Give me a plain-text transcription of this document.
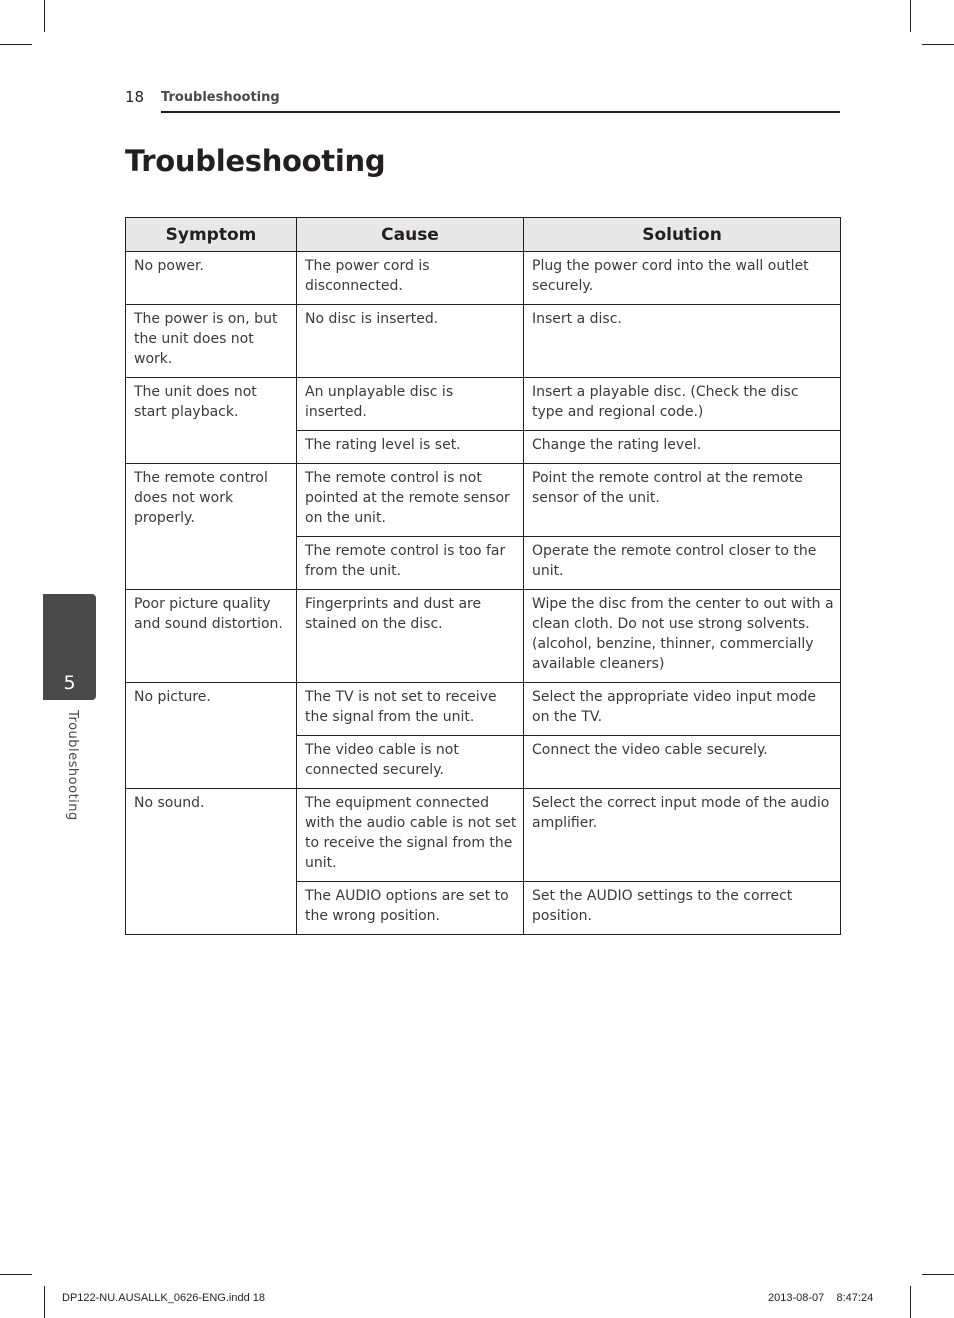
18 Troubleshooting
Troubleshooting
Symptom	Cause	Solution
No power.	The power cord is disconnected.	Plug the power cord into the wall outlet securely.
The power is on, but the unit does not work.	No disc is inserted.	Insert a disc.
The unit does not start playback.	An unplayable disc is inserted.	Insert a playable disc. (Check the disc type and regional code.)
	The rating level is set.	Change the rating level.
The remote control does not work properly.	The remote control is not pointed at the remote sensor on the unit.	Point the remote control at the remote sensor of the unit.
	The remote control is too far from the unit.	Operate the remote control closer to the unit.
Poor picture quality and sound distortion.	Fingerprints and dust are stained on the disc.	Wipe the disc from the center to out with a clean cloth. Do not use strong solvents. (alcohol, benzine, thinner, commercially available cleaners)
No picture.	The TV is not set to receive the signal from the unit.	Select the appropriate video input mode on the TV.
	The video cable is not connected securely.	Connect the video cable securely.
No sound.	The equipment connected with the audio cable is not set to receive the signal from the unit.	Select the correct input mode of the audio amplifier.
	The AUDIO options are set to the wrong position.	Set the AUDIO settings to the correct position.
5
Troubleshooting
DP122-NU.AUSALLK_0626-ENG.indd 18	2013-08-07    8:47:24
